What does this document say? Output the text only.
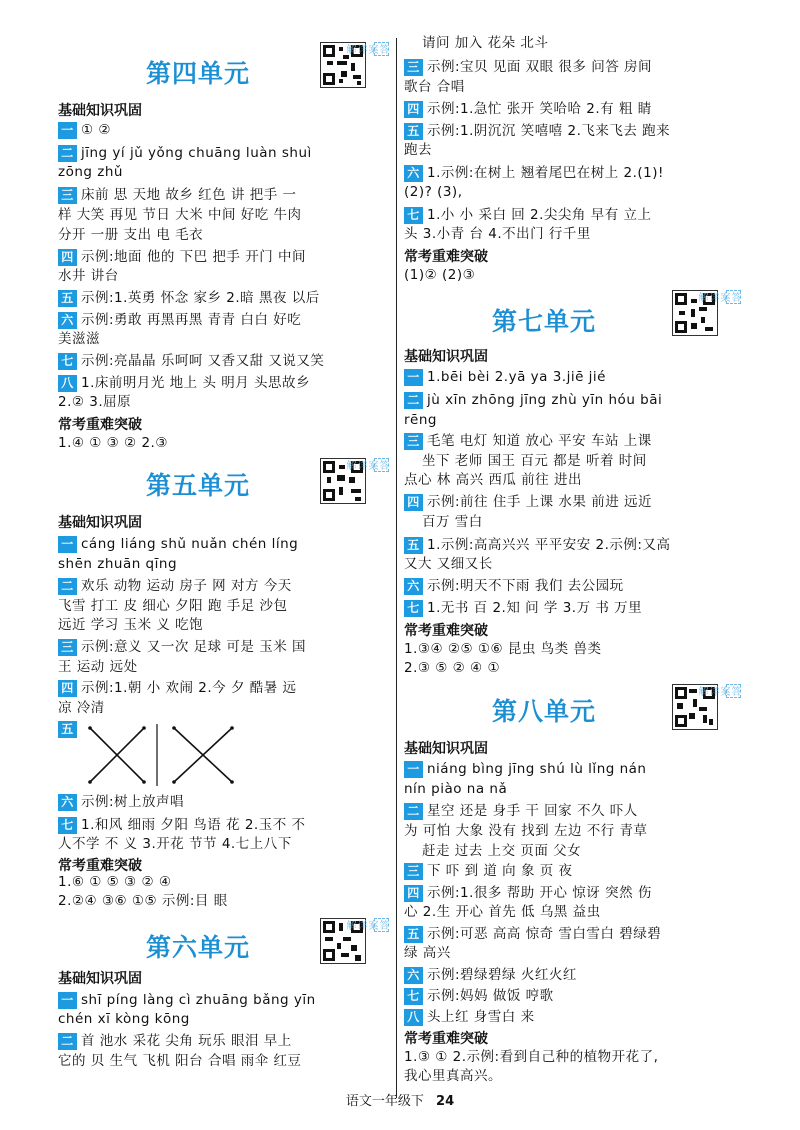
第四单元
答案详解
基础知识巩固
一 ① ②
二 jīng yí jǔ yǒng chuāng luàn shuì
zōng zhǔ
三 床前 思 天地 故乡 红色 讲 把手 一
样 大笑 再见 节日 大米 中间 好吃 牛肉
分开 一册 支出 电 毛衣
四 示例:地面 他的 下巴 把手 开门 中间
水井 讲台
五 示例:1.英勇 怀念 家乡 2.暗 黑夜 以后
六 示例:勇敢 再黑再黑 青青 白白 好吃
美滋滋
七 示例:亮晶晶 乐呵呵 又香又甜 又说又笑
八 1.床前明月光 地上 头 明月 头思故乡
2.② 3.屈原
常考重难突破
1.④ ① ③ ② 2.③
第五单元
答案详解
基础知识巩固
一 cáng liáng shǔ nuǎn chén líng
shēn zhuān qīng
二 欢乐 动物 运动 房子 网 对方 今天
飞雪 打工 皮 细心 夕阳 跑 手足 沙包
远近 学习 玉米 义 吃饱
三 示例:意义 又一次 足球 可是 玉米 国
王 运动 远处
四 示例:1.朝 小 欢闹 2.今 夕 酷暑 远
凉 冷清
五
六 示例:树上放声唱
七 1.和风 细雨 夕阳 鸟语 花 2.玉不 不
人不学 不 义 3.开花 节节 4.七上八下
常考重难突破
1.⑥ ① ⑤ ③ ② ④
2.②④ ③⑥ ①⑤ 示例:目 眼
第六单元
答案详解
基础知识巩固
一 shī píng làng cì zhuāng bǎng yīn
chén xī kòng kōng
二 首 池水 采花 尖角 玩乐 眼泪 早上
它的 贝 生气 飞机 阳台 合唱 雨伞 红豆
请问 加入 花朵 北斗
三 示例:宝贝 见面 双眼 很多 问答 房间
歌台 合唱
四 示例:1.急忙 张开 笑哈哈 2.有 粗 睛
五 示例:1.阴沉沉 笑嘻嘻 2.飞来飞去 跑来
跑去
六 1.示例:在树上 翘着尾巴在树上 2.(1)!
(2)? (3),
七 1.小 小 采白 回 2.尖尖角 早有 立上
头 3.小青 台 4.不出门 行千里
常考重难突破
(1)② (2)③
第七单元
答案详解
基础知识巩固
一 1.bēi bèi 2.yā ya 3.jiē jié
二 jù xīn zhōng jīng zhù yīn hóu bāi
rēng
三 毛笔 电灯 知道 放心 平安 车站 上课
坐下 老师 国王 百元 都是 听着 时间
点心 林 高兴 西瓜 前往 进出
四 示例:前往 住手 上课 水果 前进 远近
百万 雪白
五 1.示例:高高兴兴 平平安安 2.示例:又高
又大 又细又长
六 示例:明天不下雨 我们 去公园玩
七 1.无书 百 2.知 问 学 3.万 书 万里
常考重难突破
1.③④ ②⑤ ①⑥ 昆虫 鸟类 兽类
2.③ ⑤ ② ④ ①
第八单元
答案详解
基础知识巩固
一 niáng bìng jīng shú lù lǐng nán
nín piào na nǎ
二 星空 还是 身手 干 回家 不久 吓人
为 可怕 大象 没有 找到 左边 不行 青草
赶走 过去 上交 页面 父女
三 下 吓 到 道 向 象 页 夜
四 示例:1.很多 帮助 开心 惊讶 突然 伤
心 2.生 开心 首先 低 乌黑 益虫
五 示例:可恶 高高 惊奇 雪白雪白 碧绿碧
绿 高兴
六 示例:碧绿碧绿 火红火红
七 示例:妈妈 做饭 哼歌
八 头上红 身雪白 来
常考重难突破
1.③ ① 2.示例:看到自己种的植物开花了,
我心里真高兴。
语文一年级下 24
